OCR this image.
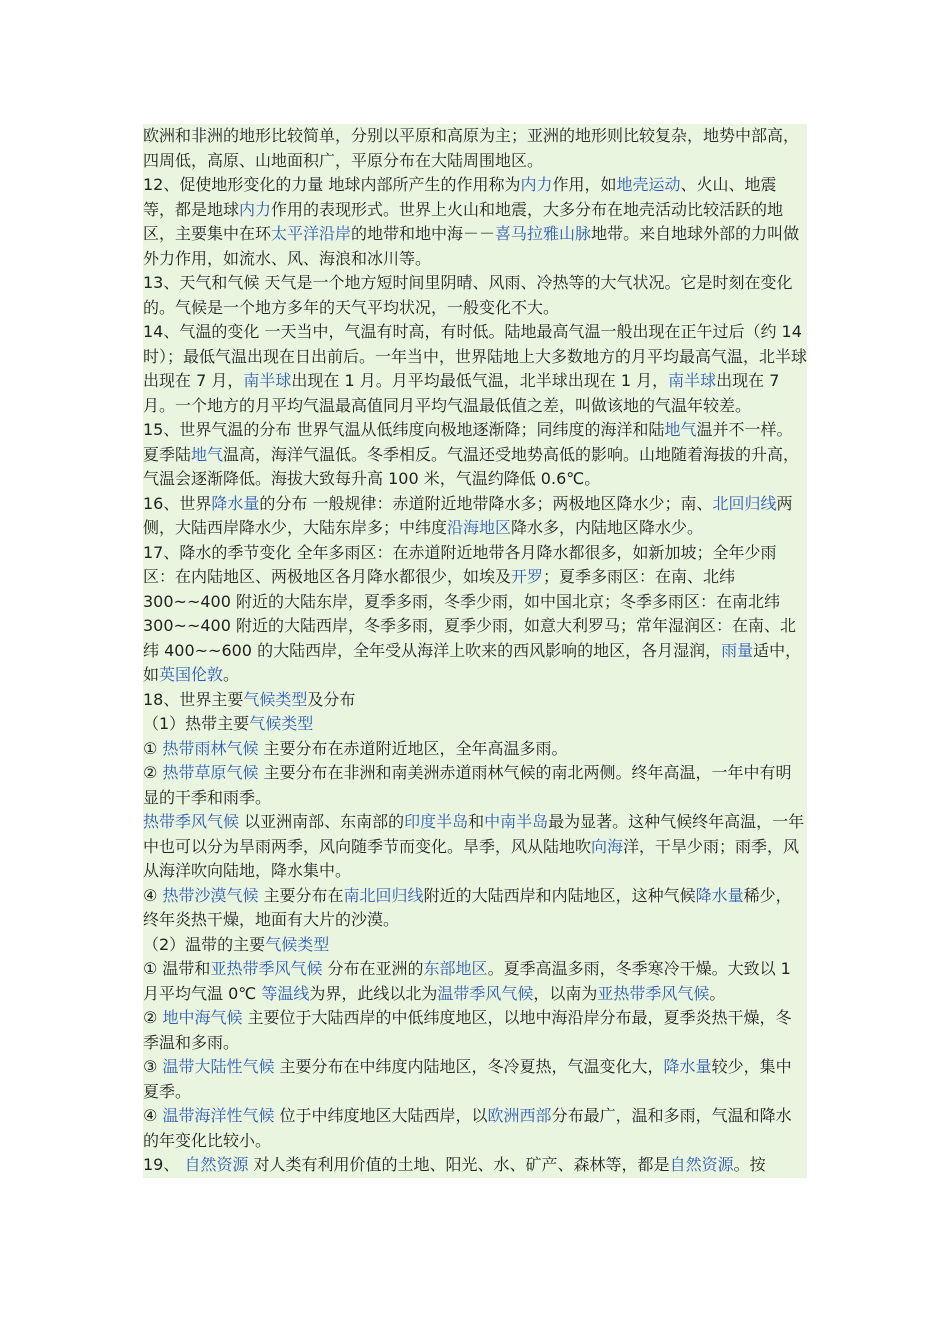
欧洲和非洲的地形比较简单，分别以平原和高原为主；亚洲的地形则比较复杂，地势中部高，四周低，高原、山地面积广，平原分布在大陆周围地区。

12、促使地形变化的力量 地球内部所产生的作用称为内力作用，如地壳运动、火山、地震等，都是地球内力作用的表现形式。世界上火山和地震，大多分布在地壳活动比较活跃的地区，主要集中在环太平洋沿岸的地带和地中海－－喜马拉雅山脉地带。来自地球外部的力叫做外力作用，如流水、风、海浪和冰川等。

13、天气和气候 天气是一个地方短时间里阴晴、风雨、冷热等的大气状况。它是时刻在变化的。气候是一个地方多年的天气平均状况，一般变化不大。

14、气温的变化 一天当中，气温有时高，有时低。陆地最高气温一般出现在正午过后（约 14 时）；最低气温出现在日出前后。一年当中，世界陆地上大多数地方的月平均最高气温，北半球出现在 7 月，南半球出现在 1 月。月平均最低气温，北半球出现在 1 月，南半球出现在 7 月。一个地方的月平均气温最高值同月平均气温最低值之差，叫做该地的气温年较差。

15、世界气温的分布 世界气温从低纬度向极地逐渐降；同纬度的海洋和陆地气温并不一样。夏季陆地气温高，海洋气温低。冬季相反。气温还受地势高低的影响。山地随着海拔的升高，气温会逐渐降低。海拔大致每升高 100 米，气温约降低 0.6℃。

16、世界降水量的分布 一般规律：赤道附近地带降水多；两极地区降水少；南、北回归线两侧，大陆西岸降水少，大陆东岸多；中纬度沿海地区降水多，内陆地区降水少。

17、降水的季节变化 全年多雨区：在赤道附近地带各月降水都很多，如新加坡；全年少雨区：在内陆地区、两极地区各月降水都很少，如埃及开罗；夏季多雨区：在南、北纬 300~~400 附近的大陆东岸，夏季多雨，冬季少雨，如中国北京；冬季多雨区：在南北纬 300~~400 附近的大陆西岸，冬季多雨，夏季少雨，如意大利罗马；常年湿润区：在南、北纬 400~~600 的大陆西岸，全年受从海洋上吹来的西风影响的地区，各月湿润，雨量适中，如英国伦敦。

18、世界主要气候类型及分布

（1）热带主要气候类型

① 热带雨林气候 主要分布在赤道附近地区，全年高温多雨。

② 热带草原气候 主要分布在非洲和南美洲赤道雨林气候的南北两侧。终年高温，一年中有明显的干季和雨季。

热带季风气候 以亚洲南部、东南部的印度半岛和中南半岛最为显著。这种气候终年高温，一年中也可以分为旱雨两季，风向随季节而变化。旱季，风从陆地吹向海洋，干旱少雨；雨季，风从海洋吹向陆地，降水集中。

④ 热带沙漠气候 主要分布在南北回归线附近的大陆西岸和内陆地区，这种气候降水量稀少，终年炎热干燥，地面有大片的沙漠。

（2）温带的主要气候类型

① 温带和亚热带季风气候 分布在亚洲的东部地区。夏季高温多雨，冬季寒冷干燥。大致以 1 月平均气温 0℃ 等温线为界，此线以北为温带季风气候，以南为亚热带季风气候。

② 地中海气候 主要位于大陆西岸的中低纬度地区，以地中海沿岸分布最，夏季炎热干燥，冬季温和多雨。

③ 温带大陆性气候 主要分布在中纬度内陆地区，冬冷夏热，气温变化大，降水量较少，集中夏季。

④ 温带海洋性气候 位于中纬度地区大陆西岸，以欧洲西部分布最广，温和多雨，气温和降水的年变化比较小。

19、 自然资源 对人类有利用价值的土地、阳光、水、矿产、森林等，都是自然资源。按
